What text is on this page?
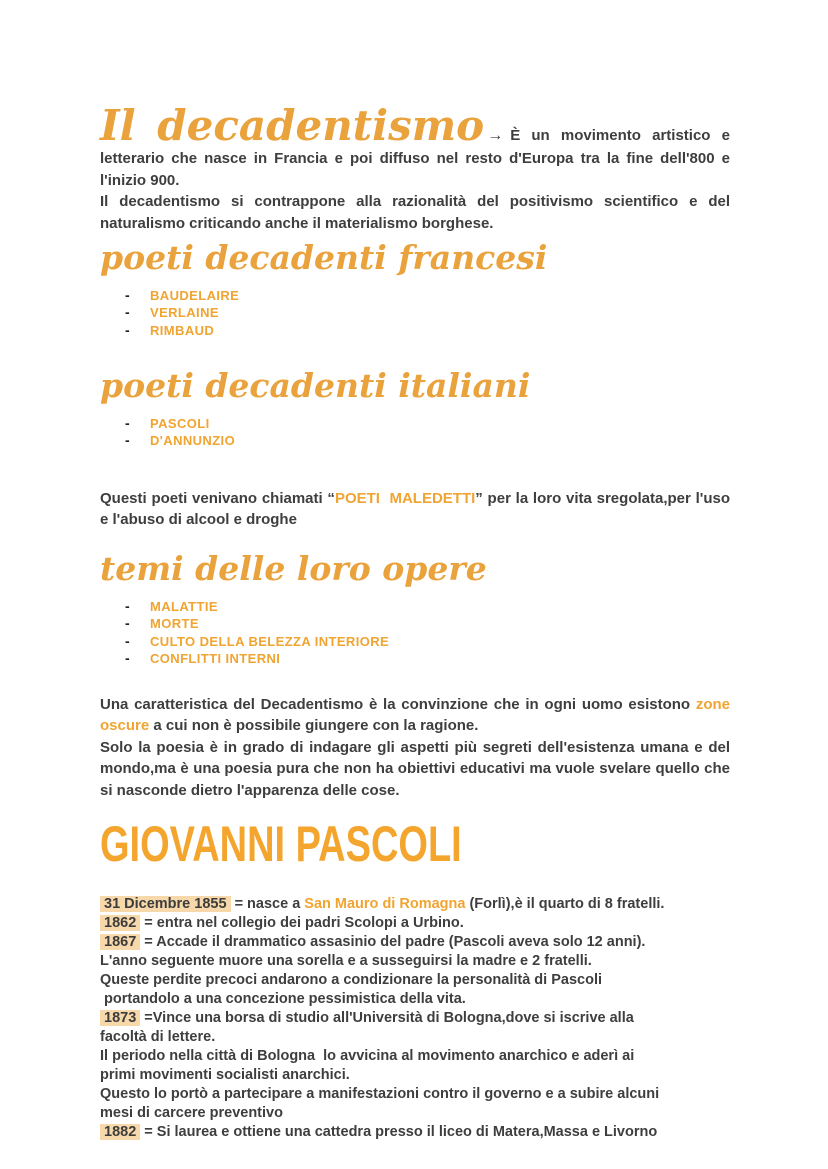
Il decadentismo → È un movimento artistico e letterario che nasce in Francia e poi diffuso nel resto d'Europa tra la fine dell'800 e l'inizio 900.

Il decadentismo si contrappone alla razionalità del positivismo scientifico e del naturalismo criticando anche il materialismo borghese.

poeti decadenti francesi
-	BAUDELAIRE
-	VERLAINE
-	RIMBAUD
poeti decadenti italiani
-	PASCOLI
-	D'ANNUNZIO

Questi poeti venivano chiamati “POETI  MALEDETTI” per la loro vita sregolata,per l'uso e l'abuso di alcool e droghe

temi delle loro opere
-	MALATTIE
-	MORTE
-	CULTO DELLA BELEZZA INTERIORE
-	CONFLITTI INTERNI

Una caratteristica del Decadentismo è la convinzione che in ogni uomo esistono zone oscure a cui non è possibile giungere con la ragione.

Solo la poesia è in grado di indagare gli aspetti più segreti dell'esistenza umana e del mondo,ma è una poesia pura che non ha obiettivi educativi ma vuole svelare quello che si nasconde dietro l'apparenza delle cose.

GIOVANNI PASCOLI
31 Dicembre 1855 = nasce a San Mauro di Romagna (Forlì),è il quarto di 8 fratelli.
1862 = entra nel collegio dei padri Scolopi a Urbino.
1867 = Accade il drammatico assasinio del padre (Pascoli aveva solo 12 anni).
L'anno seguente muore una sorella e a susseguirsi la madre e 2 fratelli.
Queste perdite precoci andarono a condizionare la personalità di Pascoli
portandolo a una concezione pessimistica della vita.
1873 =Vince una borsa di studio all'Università di Bologna,dove si iscrive alla
facoltà di lettere.
Il periodo nella città di Bologna  lo avvicina al movimento anarchico e aderì ai
primi movimenti socialisti anarchici.
Questo lo portò a partecipare a manifestazioni contro il governo e a subire alcuni
mesi di carcere preventivo
1882 = Si laurea e ottiene una cattedra presso il liceo di Matera,Massa e Livorno
